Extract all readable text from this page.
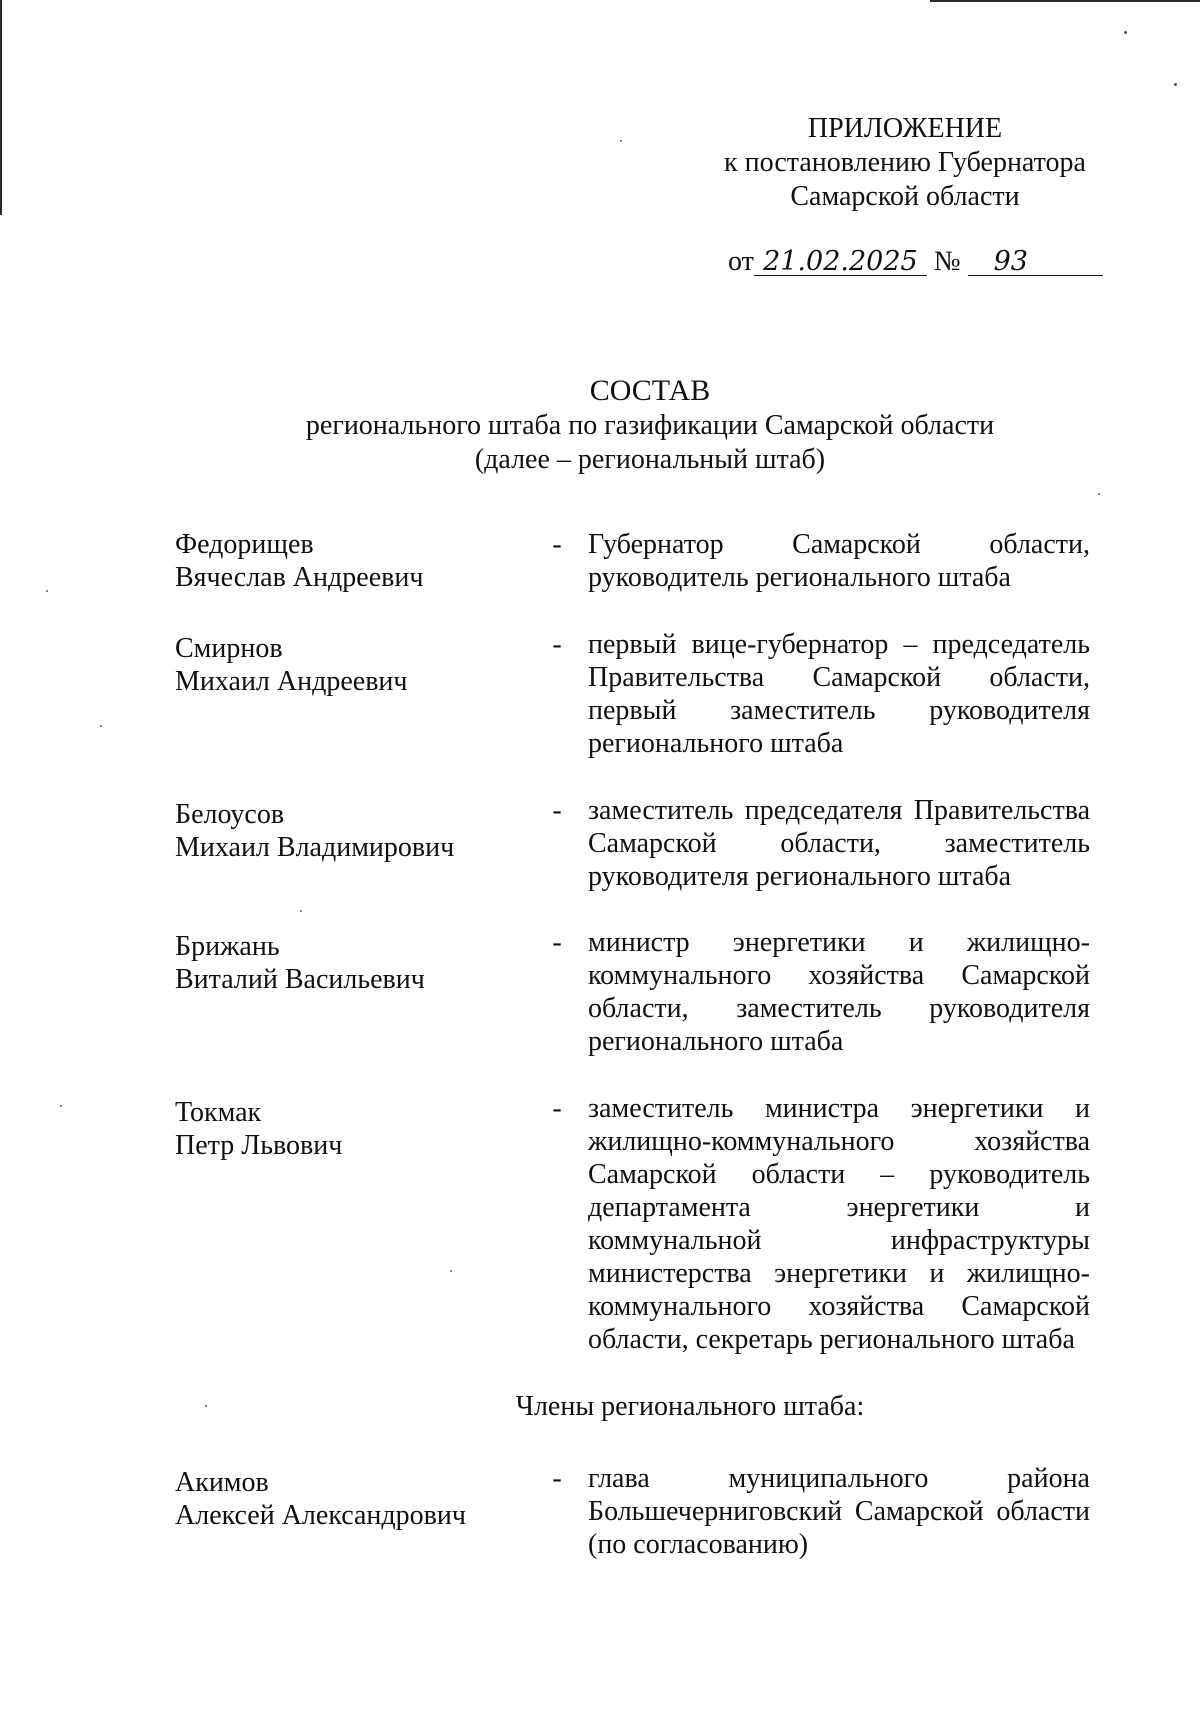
ПРИЛОЖЕНИЕ
к постановлению Губернатора
Самарской области
от 21.02.2025 № 93
СОСТАВ
регионального штаба по газификации Самарской области
(далее – региональный штаб)
Федорищев
Вячеслав Андреевич
- Губернатор Самарской области, руководитель регионального штаба
Смирнов
Михаил Андреевич
- первый вице-губернатор – председатель Правительства Самарской области, первый заместитель руководителя регионального штаба
Белоусов
Михаил Владимирович
- заместитель председателя Правительства Самарской области, заместитель руководителя регионального штаба
Брижань
Виталий Васильевич
- министр энергетики и жилищно-коммунального хозяйства Самарской области, заместитель руководителя регионального штаба
Токмак
Петр Львович
- заместитель министра энергетики и жилищно-коммунального хозяйства Самарской области – руководитель департамента энергетики и коммунальной инфраструктуры министерства энергетики и жилищно-коммунального хозяйства Самарской области, секретарь регионального штаба
Члены регионального штаба:
Акимов
Алексей Александрович
- глава муниципального района Большечерниговский Самарской области (по согласованию)
